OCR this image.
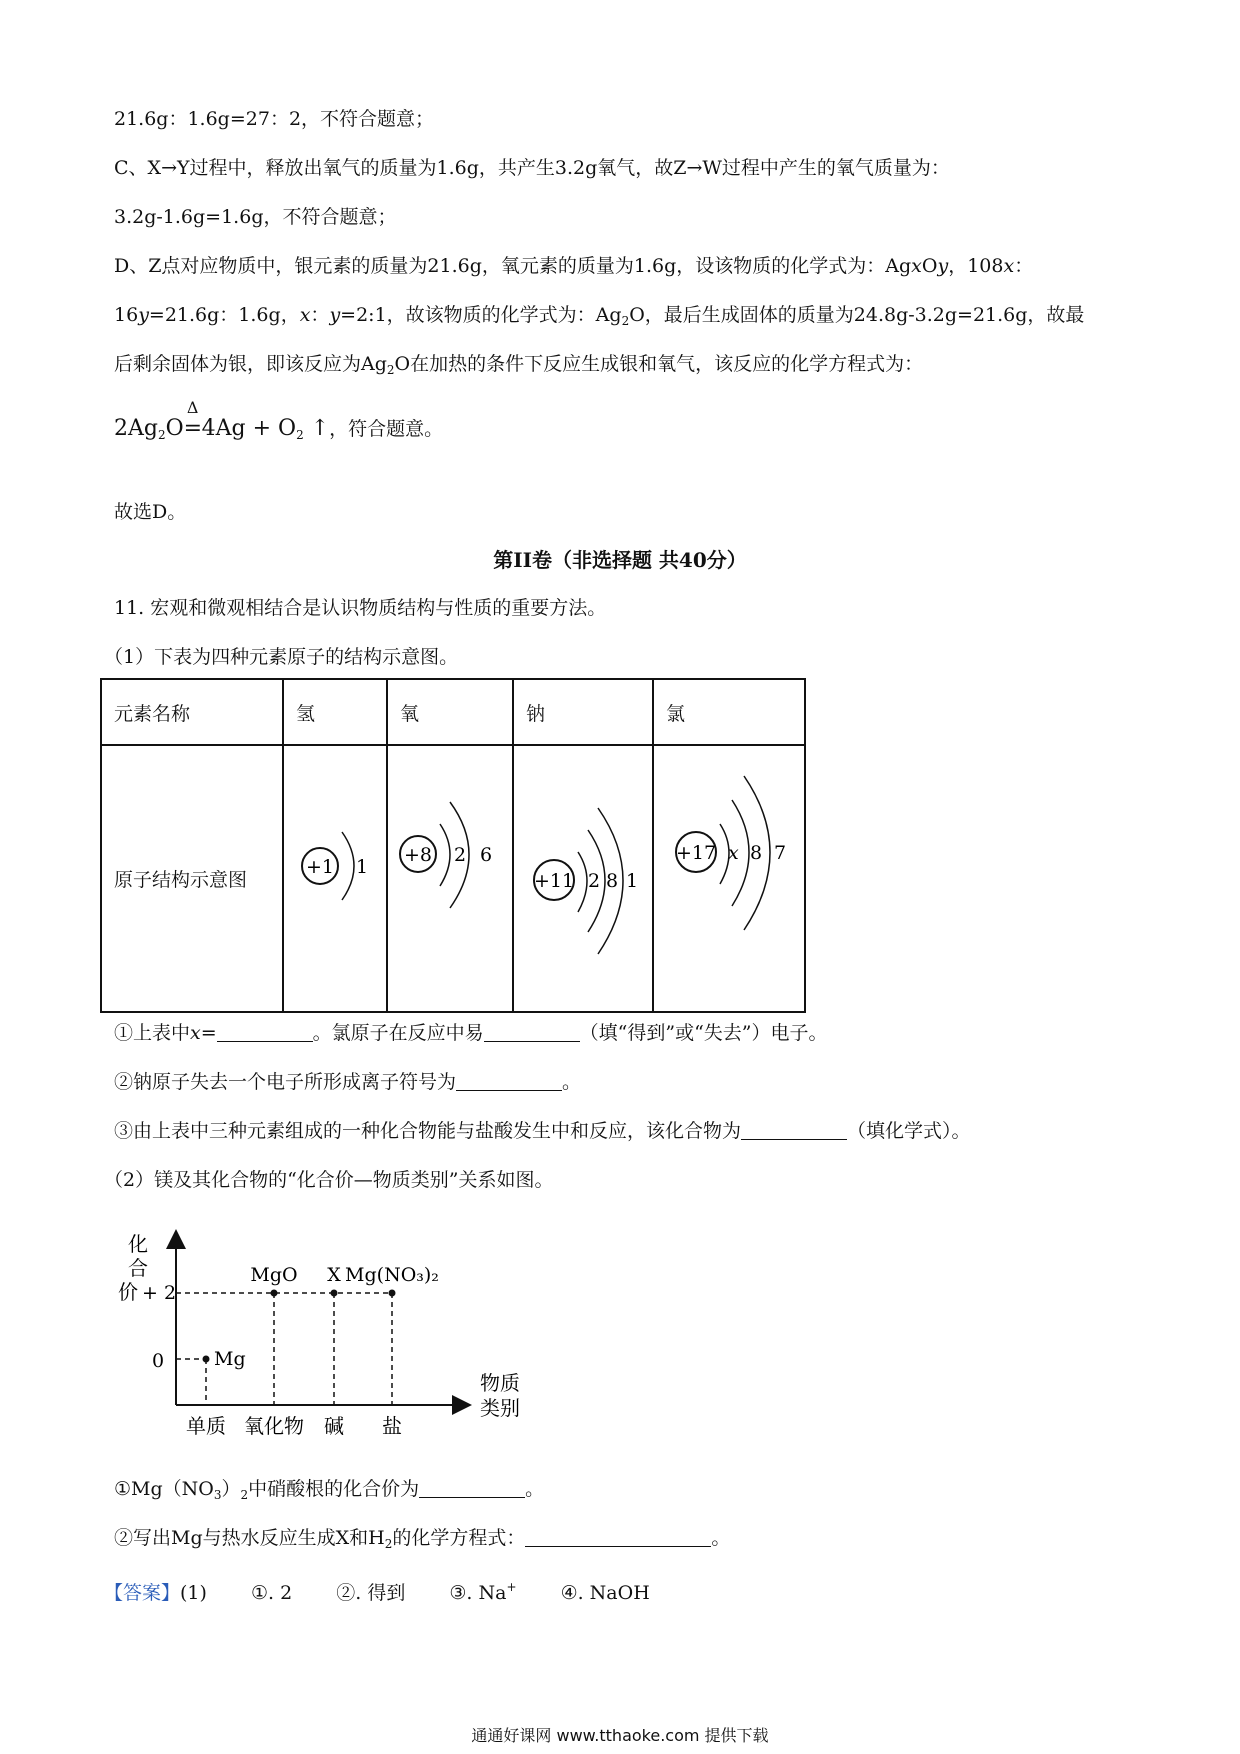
21.6g：1.6g=27：2，不符合题意；
C、X→Y过程中，释放出氧气的质量为1.6g，共产生3.2g氧气，故Z→W过程中产生的氧气质量为：
3.2g-1.6g=1.6g，不符合题意；
D、Z点对应物质中，银元素的质量为21.6g，氧元素的质量为1.6g，设该物质的化学式为：AgxOy，108x：
16y=21.6g：1.6g，x：y=2:1，故该物质的化学式为：$Ag_2O$，最后生成固体的质量为24.8g-3.2g=21.6g，故最
后剩余固体为银，即该反应为$Ag_2O$在加热的条件下反应生成银和氧气，该反应的化学方程式为：
$2Ag_2O$
Δ
$=4Ag + O_2$ ↑，符合题意。
故选D。
第II卷（非选择题 共40分）
11. 宏观和微观相结合是认识物质结构与性质的重要方法。
（1）下表为四种元素原子的结构示意图。
元素名称	氢	氧	钠	氯
原子结构示意图	+1 1	+8 2 6	+11 2 8 1	+17 x 8 7
①上表中x=	。氯原子在反应中易	（填“得到”或“失去”）电子。
②钠原子失去一个电子所形成离子符号为	。
③由上表中三种元素组成的一种化合物能与盐酸发生中和反应，该化合物为	（填化学式）。
（2）镁及其化合物的“化合价—物质类别”关系如图。
化
合
价 + 2
0
单质 氧化物 碱 盐
Mg
MgO X Mg(NO₃)₂
物质
类别
$①Mg(NO_3)_2$中硝酸根的化合价为	。
②写出Mg与热水反应生成X和$H_2$的化学方程式：	。
【答案】(1) ①. 2 ②. 得到 ③. Na+ ④. NaOH
通通好课网 www.tthaoke.com 提供下载
